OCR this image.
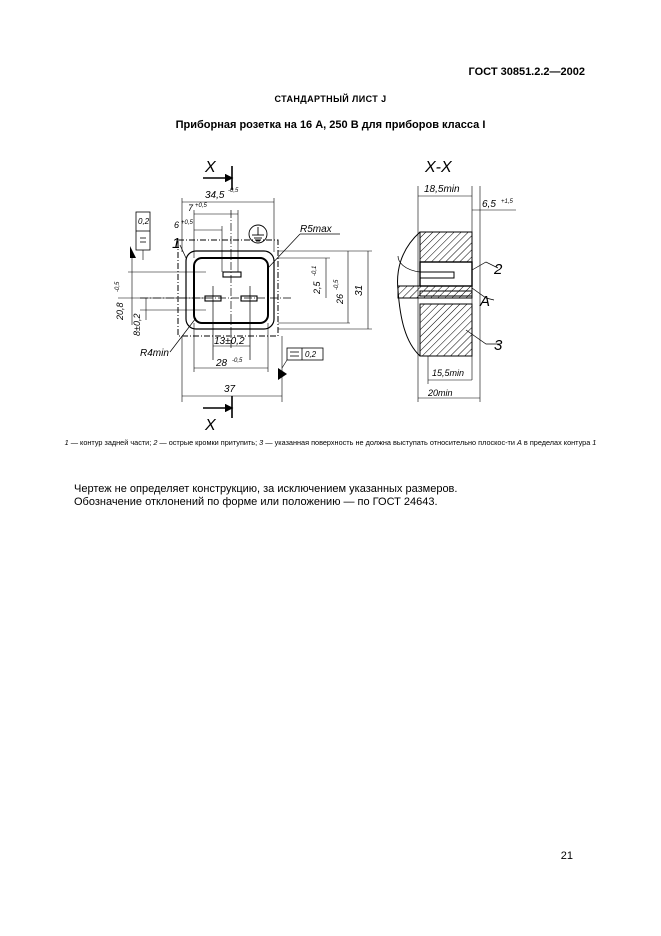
ГОСТ 30851.2.2—2002
СТАНДАРТНЫЙ ЛИСТ J
Приборная розетка на 16 А, 250 В для приборов класса I
X
X
34,5 -0,5
7 +0,5
6 +0,5
R5max
R4min
13±0,2
28 -0,5
37
0,2
0,2
20,8
-0,5
8±0,2
2,5
-0,1
26
-0,5
31
1
X-X
18,5min
6,5 +1,5
15,5min
20min
2
A
3
1 — контур задней части; 2 — острые кромки притупить; 3 — указанная поверхность не должна выступать относительно плоскос-ти А в пределах контура 1
Чертеж не определяет конструкцию, за исключением указанных размеров.
Обозначение отклонений по форме или положению — по ГОСТ 24643.
21
